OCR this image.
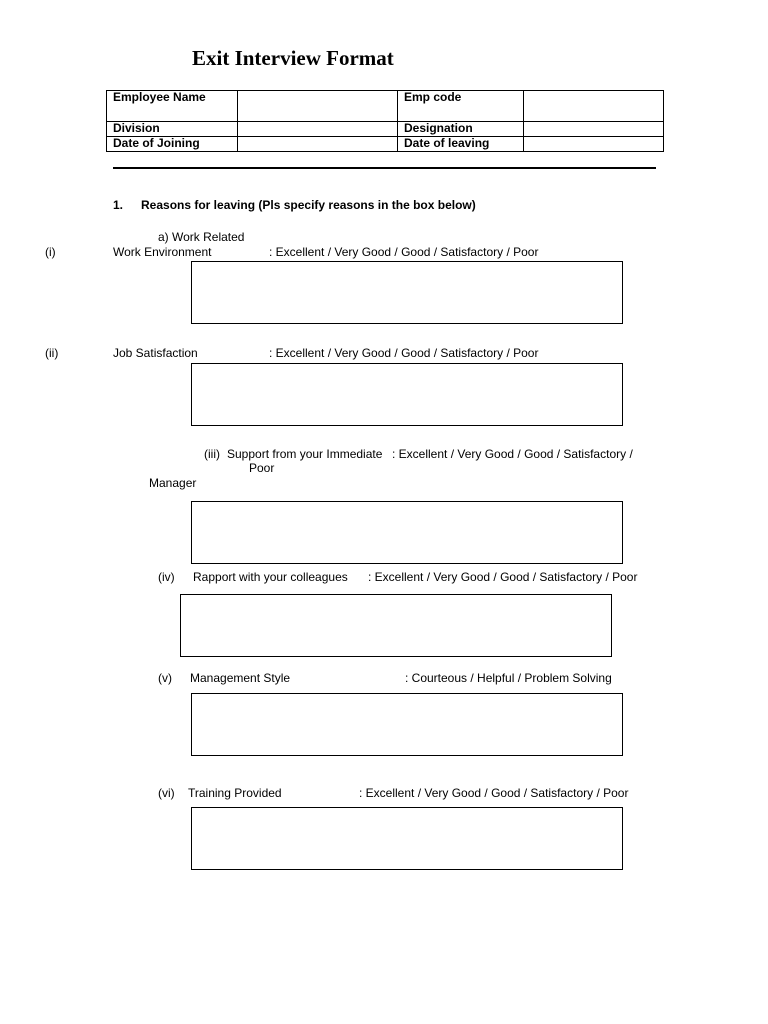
Exit Interview Format
Employee Name		Emp code	
Division		Designation	
Date of Joining		Date of leaving	
1. Reasons for leaving (Pls specify reasons in the box below)
a) Work Related
(i)	Work Environment	: Excellent / Very Good / Good / Satisfactory / Poor
(ii)	Job Satisfaction	: Excellent / Very Good / Good / Satisfactory / Poor
(iii) Support from your Immediate : Excellent / Very Good / Good / Satisfactory /
Poor
Manager
(iv) Rapport with your colleagues : Excellent / Very Good / Good / Satisfactory / Poor
(v) Management Style	: Courteous / Helpful / Problem Solving
(vi) Training Provided	: Excellent / Very Good / Good / Satisfactory / Poor
